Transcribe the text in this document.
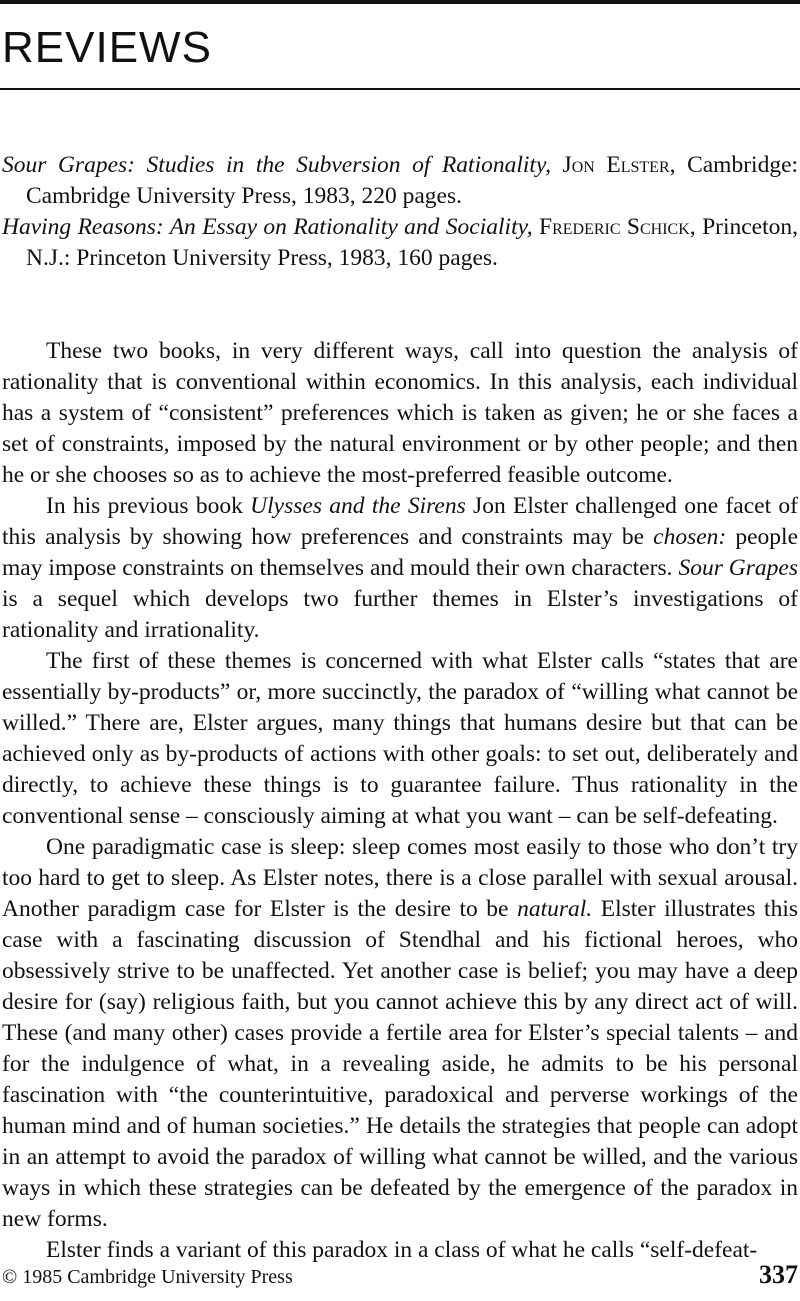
REVIEWS

Sour Grapes: Studies in the Subversion of Rationality, Jon Elster, Cambridge: Cambridge University Press, 1983, 220 pages.

Having Reasons: An Essay on Rationality and Sociality, Frederic Schick, Princeton, N.J.: Princeton University Press, 1983, 160 pages.

These two books, in very different ways, call into question the analysis of rationality that is conventional within economics. In this analysis, each individual has a system of “consistent” preferences which is taken as given; he or she faces a set of constraints, imposed by the natural environment or by other people; and then he or she chooses so as to achieve the most-preferred feasible outcome.

In his previous book Ulysses and the Sirens Jon Elster challenged one facet of this analysis by showing how preferences and constraints may be chosen: people may impose constraints on themselves and mould their own characters. Sour Grapes is a sequel which develops two further themes in Elster’s investigations of rationality and irrationality.

The first of these themes is concerned with what Elster calls “states that are essentially by-products” or, more succinctly, the paradox of “willing what cannot be willed.” There are, Elster argues, many things that humans desire but that can be achieved only as by-products of actions with other goals: to set out, deliberately and directly, to achieve these things is to guarantee failure. Thus rationality in the conventional sense – consciously aiming at what you want – can be self-defeating.

One paradigmatic case is sleep: sleep comes most easily to those who don’t try too hard to get to sleep. As Elster notes, there is a close parallel with sexual arousal. Another paradigm case for Elster is the desire to be natural. Elster illustrates this case with a fascinating discussion of Stendhal and his fictional heroes, who obsessively strive to be unaffected. Yet another case is belief; you may have a deep desire for (say) religious faith, but you cannot achieve this by any direct act of will. These (and many other) cases provide a fertile area for Elster’s special talents – and for the indulgence of what, in a revealing aside, he admits to be his personal fascination with “the counterintuitive, paradoxical and perverse workings of the human mind and of human societies.” He details the strategies that people can adopt in an attempt to avoid the paradox of willing what cannot be willed, and the various ways in which these strategies can be defeated by the emergence of the paradox in new forms.

Elster finds a variant of this paradox in a class of what he calls “self-defeat-

© 1985 Cambridge University Press	337
